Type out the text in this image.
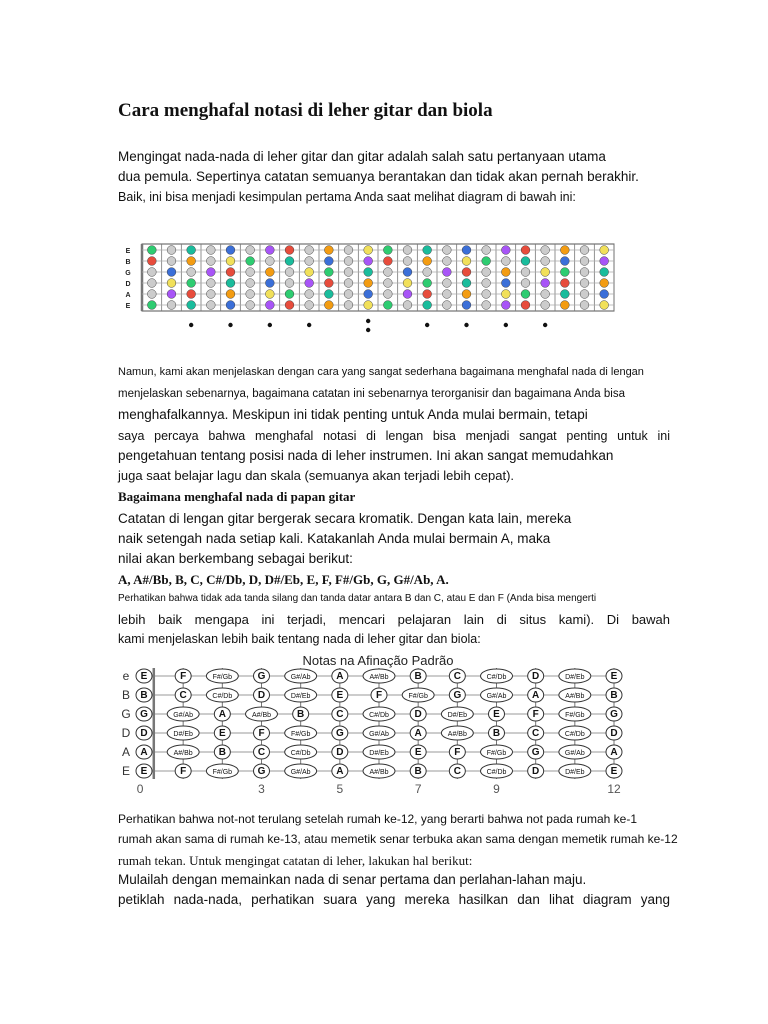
Cara menghafal notasi di leher gitar dan biola

Mengingat nada-nada di leher gitar dan gitar adalah salah satu pertanyaan utama

dua pemula. Sepertinya catatan semuanya berantakan dan tidak akan pernah berakhir.

Baik, ini bisa menjadi kesimpulan pertama Anda saat melihat diagram di bawah ini:

E
B
G
D
A
E

Namun, kami akan menjelaskan dengan cara yang sangat sederhana bagaimana menghafal nada di lengan

menjelaskan sebenarnya, bagaimana catatan ini sebenarnya terorganisir dan bagaimana Anda bisa

menghafalkannya. Meskipun ini tidak penting untuk Anda mulai bermain, tetapi

saya percaya bahwa menghafal notasi di lengan bisa menjadi sangat penting untuk ini

pengetahuan tentang posisi nada di leher instrumen. Ini akan sangat memudahkan

juga saat belajar lagu dan skala (semuanya akan terjadi lebih cepat).

Bagaimana menghafal nada di papan gitar

Catatan di lengan gitar bergerak secara kromatik. Dengan kata lain, mereka

naik setengah nada setiap kali. Katakanlah Anda mulai bermain A, maka

nilai akan berkembang sebagai berikut:

A, A#/Bb, B, C, C#/Db, D, D#/Eb, E, F, F#/Gb, G, G#/Ab, A.

Perhatikan bahwa tidak ada tanda silang dan tanda datar antara B dan C, atau E dan F (Anda bisa mengerti

lebih baik mengapa ini terjadi, mencari pelajaran lain di situs kami). Di bawah

kami menjelaskan lebih baik tentang nada di leher gitar dan biola:

Notas na Afinação Padrão
e
B
G
D
A
E
E	F	F#/Gb	G	G#/Ab	A	A#/Bb	B	C	C#/Db	D	D#/Eb	E
B	C	C#/Db	D	D#/Eb	E	F	F#/Gb	G	G#/Ab	A	A#/Bb	B
G	G#/Ab	A	A#/Bb	B	C	C#/Db	D	D#/Eb	E	F	F#/Gb	G
D	D#/Eb	E	F	F#/Gb	G	G#/Ab	A	A#/Bb	B	C	C#/Db	D
A	A#/Bb	B	C	C#/Db	D	D#/Eb	E	F	F#/Gb	G	G#/Ab	A
E	F	F#/Gb	G	G#/Ab	A	A#/Bb	B	C	C#/Db	D	D#/Eb	E
0	3	5	7	9	12

Perhatikan bahwa not-not terulang setelah rumah ke-12, yang berarti bahwa not pada rumah ke-1

rumah akan sama di rumah ke-13, atau memetik senar terbuka akan sama dengan memetik rumah ke-12

rumah tekan. Untuk mengingat catatan di leher, lakukan hal berikut:

Mulailah dengan memainkan nada di senar pertama dan perlahan-lahan maju.

petiklah nada-nada, perhatikan suara yang mereka hasilkan dan lihat diagram yang
